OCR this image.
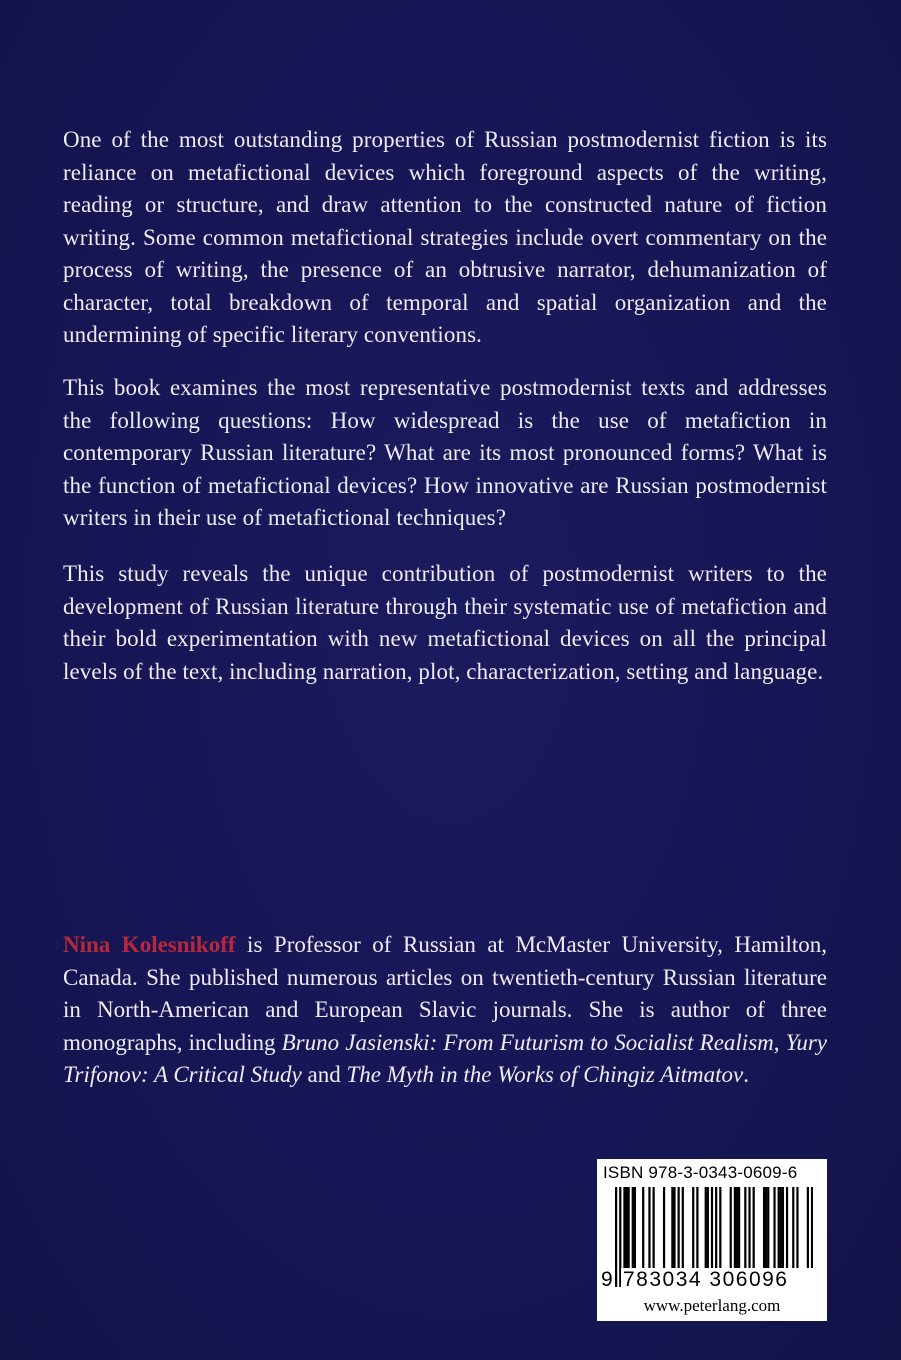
One of the most outstanding properties of Russian postmodernist fiction is its reliance on metafictional devices which foreground aspects of the writing, reading or structure, and draw attention to the constructed nature of fiction writing. Some common metafictional strategies include overt commentary on the process of writing, the presence of an obtrusive narrator, dehumanization of character, total breakdown of temporal and spatial organization and the undermining of specific literary conventions.

This book examines the most representative postmodernist texts and addresses the following questions: How widespread is the use of metafiction in contemporary Russian literature? What are its most pronounced forms? What is the function of metafictional devices? How innovative are Russian postmodernist writers in their use of metafictional techniques?

This study reveals the unique contribution of postmodernist writers to the development of Russian literature through their systematic use of metafiction and their bold experimentation with new metafictional devices on all the principal levels of the text, including narration, plot, characterization, setting and language.

Nina Kolesnikoff is Professor of Russian at McMaster University, Hamilton, Canada. She published numerous articles on twentieth-century Russian literature in North-American and European Slavic journals. She is author of three monographs, including Bruno Jasienski: From Futurism to Socialist Realism, Yury Trifonov: A Critical Study and The Myth in the Works of Chingiz Aitmatov.

ISBN 978-3-0343-0609-6
9 783034 306096
www.peterlang.com
